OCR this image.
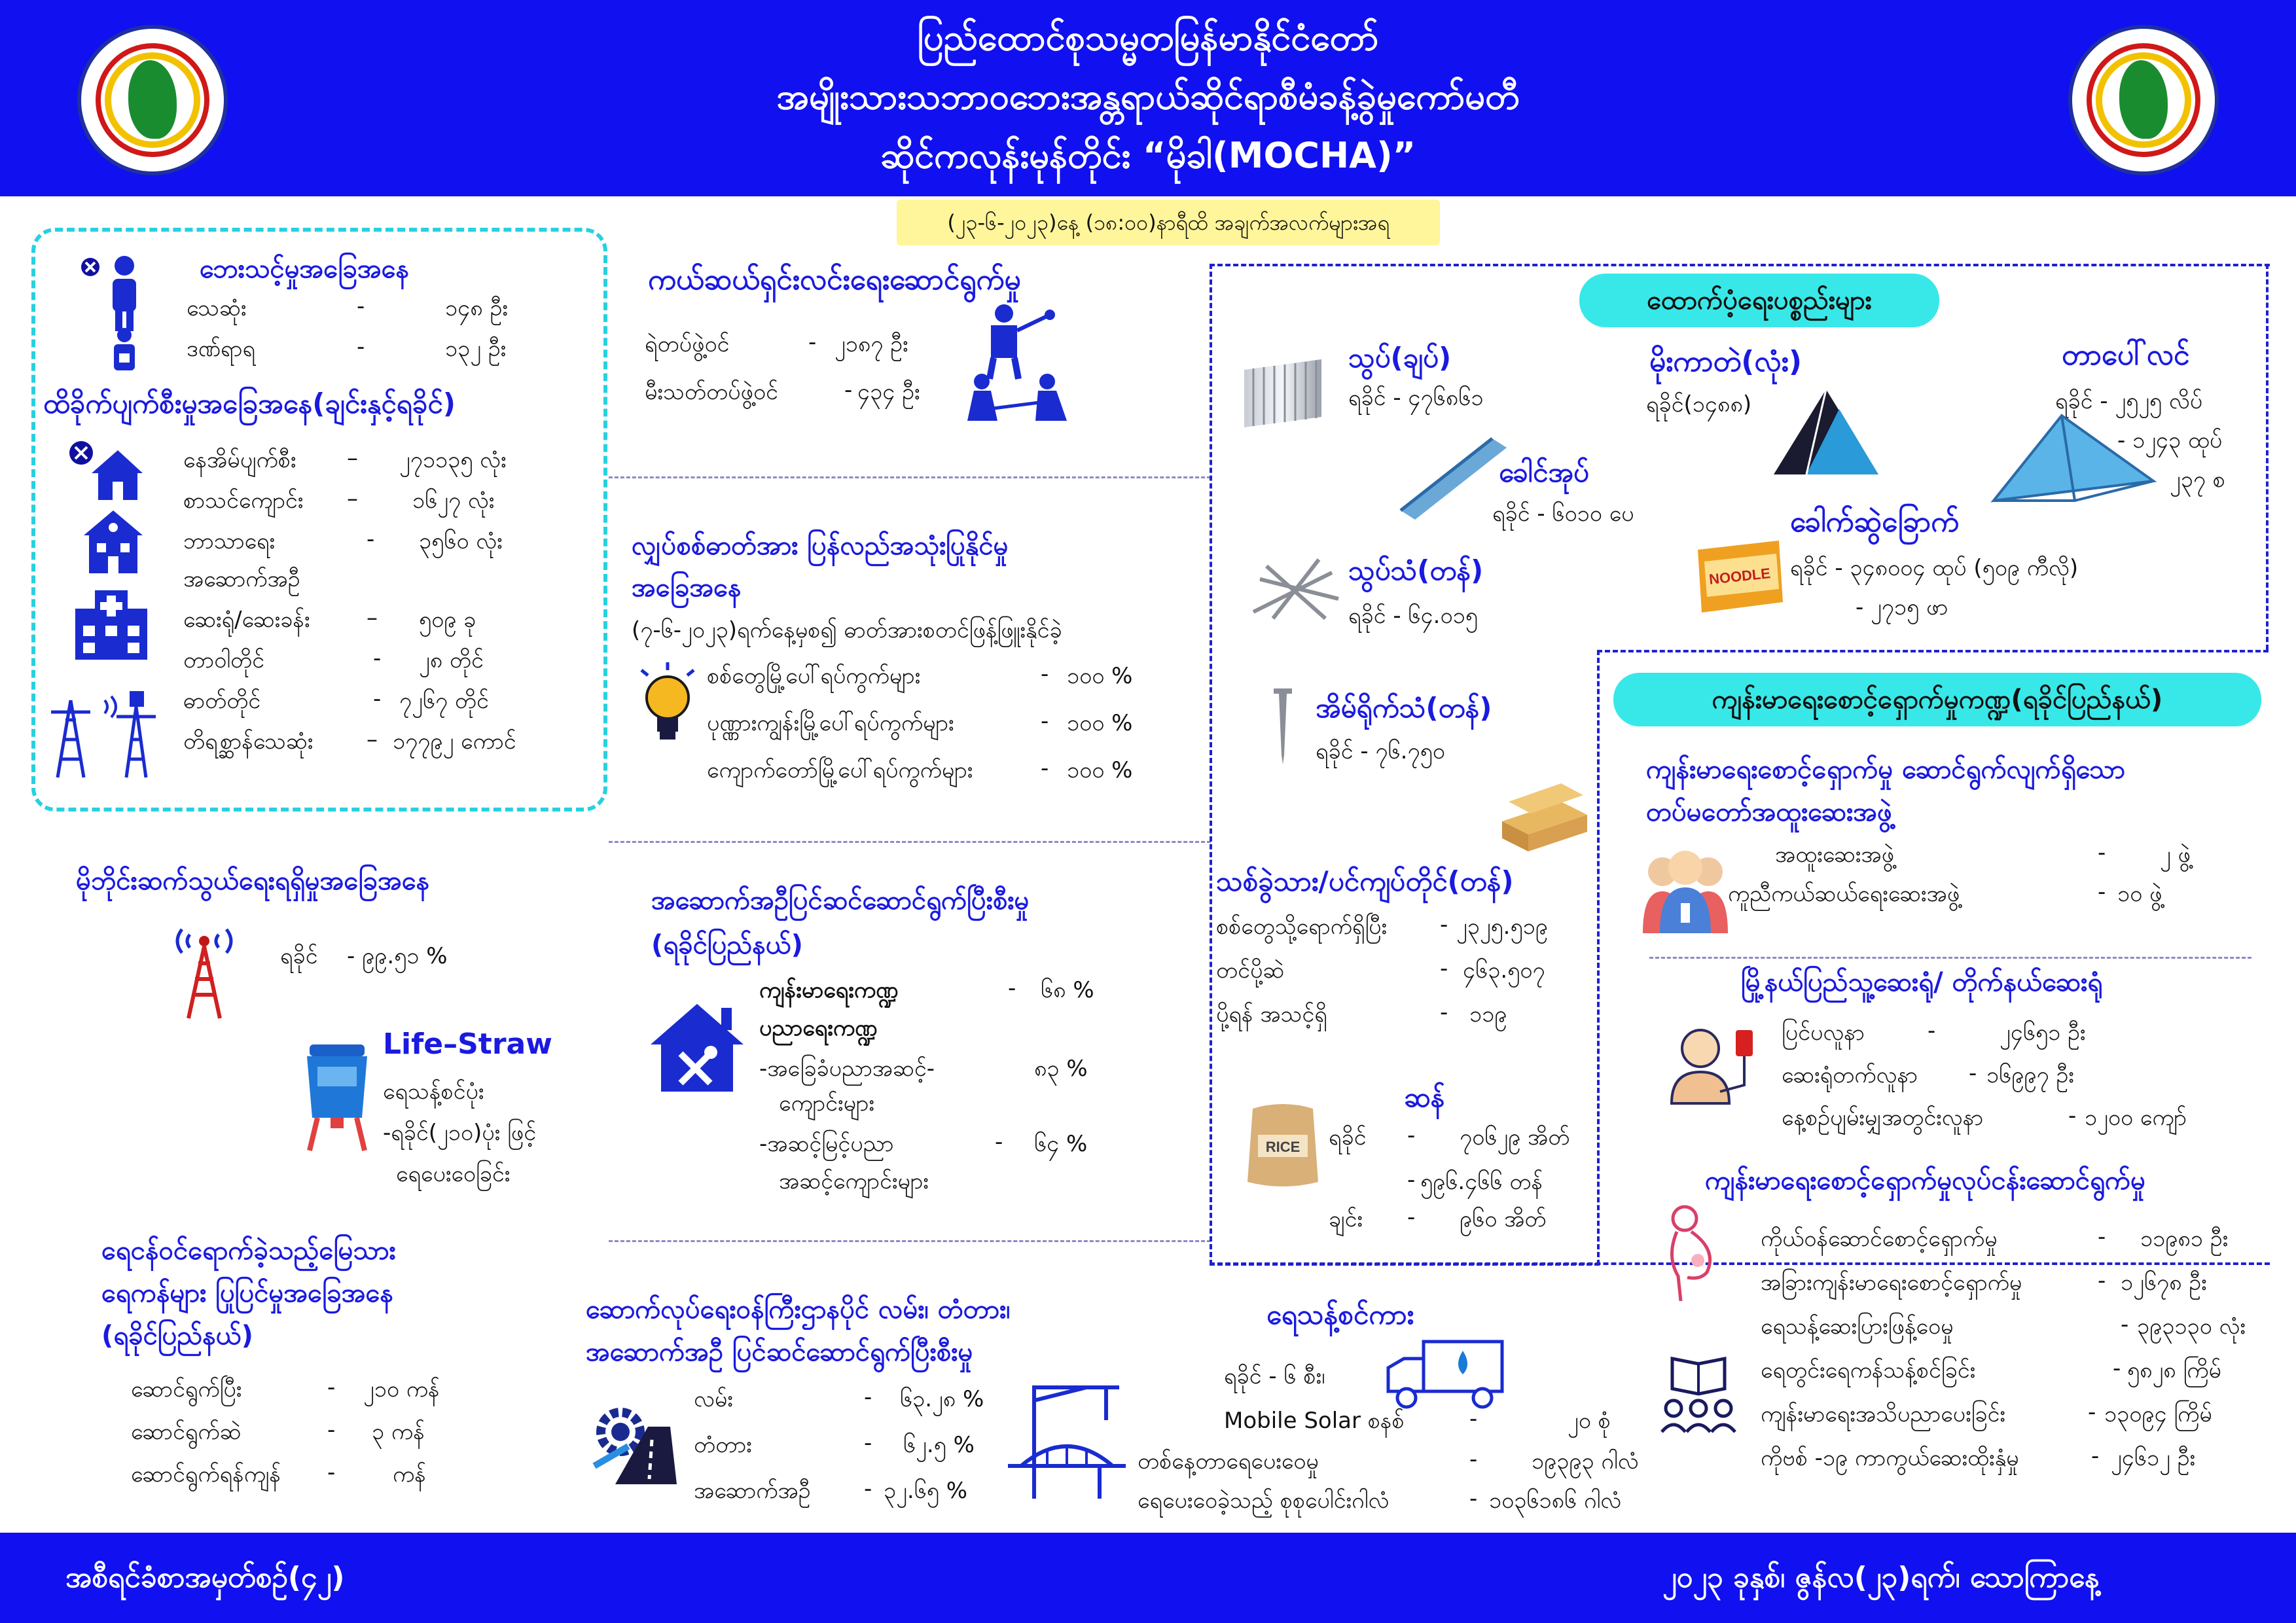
ပြည်ထောင်စုသမ္မတမြန်မာနိုင်ငံတော်
အမျိုးသားသဘာဝဘေးအန္တရာယ်ဆိုင်ရာစီမံခန့်ခွဲမှုကော်မတီ
ဆိုင်ကလုန်းမုန်တိုင်း “မိုခါ(MOCHA)”
(၂၃-၆-၂၀၂၃)နေ့ (၁၈:၀၀)နာရီထိ အချက်အလက်များအရ
ဘေးသင့်မှုအခြေအနေ
သေဆုံး	-	၁၄၈ ဦး
ဒဏ်ရာရ	-	၁၃၂ ဦး
ထိခိုက်ပျက်စီးမှုအခြေအနေ(ချင်းနှင့်ရခိုင်)
နေအိမ်ပျက်စီး – ၂၇၁၁၃၅ လုံး
စာသင်ကျောင်း – ၁၆၂၇ လုံး
ဘာသာရေး	- ၃၅၆၀ လုံး
အဆောက်အဦ
ဆေးရုံ/ဆေးခန်း	– ၅၀၉ ခု
တာဝါတိုင်	- ၂၈ တိုင်
ဓာတ်တိုင်	- ၇၂၆၇ တိုင်
တိရစ္ဆာန်သေဆုံး – ၁၇၇၉၂ ကောင်
မိုဘိုင်းဆက်သွယ်ရေးရရှိမှုအခြေအနေ
ရခိုင် - ၉၉.၅၁ %
Life–Straw
ရေသန့်စင်ပုံး
-ရခိုင်(၂၁၀)ပုံး ဖြင့်
ရေပေးဝေခြင်း
ရေငန်ဝင်ရောက်ခဲ့သည့်မြေသား
ရေကန်များ ပြုပြင်မှုအခြေအနေ
(ရခိုင်ပြည်နယ်)
ဆောင်ရွက်ပြီး	- ၂၁၀ ကန်
ဆောင်ရွက်ဆဲ	- ၃ ကန်
ဆောင်ရွက်ရန်ကျန် -	ကန်
ကယ်ဆယ်ရှင်းလင်းရေးဆောင်ရွက်မှု
ရဲတပ်ဖွဲ့ဝင်	- ၂၁၈၇ ဦး
မီးသတ်တပ်ဖွဲ့ဝင်	- ၄၃၄ ဦး
လျှပ်စစ်ဓာတ်အား ပြန်လည်အသုံးပြုနိုင်မှု
အခြေအနေ
(၇-၆-၂၀၂၃)ရက်နေ့မှစ၍ ဓာတ်အားစတင်ဖြန့်ဖြူးနိုင်ခဲ့
စစ်တွေမြို့ပေါ်ရပ်ကွက်များ	- ၁၀၀ %
ပုဏ္ဏားကျွန်းမြို့ပေါ်ရပ်ကွက်များ	- ၁၀၀ %
ကျောက်တော်မြို့ပေါ်ရပ်ကွက်များ	- ၁၀၀ %
အဆောက်အဦပြင်ဆင်ဆောင်ရွက်ပြီးစီးမှု
(ရခိုင်ပြည်နယ်)
ကျန်းမာရေးကဏ္ဍ	- ၆၈ %
ပညာရေးကဏ္ဍ
-အခြေခံပညာအဆင့်-	၈၃ %
ကျောင်းများ
-အဆင့်မြင့်ပညာ	- ၆၄ %
အဆင့်ကျောင်းများ
ဆောက်လုပ်ရေးဝန်ကြီးဌာနပိုင် လမ်း၊ တံတား၊
အဆောက်အဦ ပြင်ဆင်ဆောင်ရွက်ပြီးစီးမှု
လမ်း	- ၆၃.၂၈ %
တံတား	- ၆၂.၅ %
အဆောက်အဦ - ၃၂.၆၅ %
ထောက်ပံ့ရေးပစ္စည်းများ
သွပ်(ချပ်)
ရခိုင် - ၄၇၆၈၆၁
ခေါင်အုပ်
ရခိုင် - ၆၀၁၀ ပေ
သွပ်သံ(တန်)
ရခိုင် - ၆၄.၀၁၅
အိမ်ရိုက်သံ(တန်)
ရခိုင် - ၇၆.၇၅၀
သစ်ခွဲသား/ပင်ကျပ်တိုင်(တန်)
စစ်တွေသို့ရောက်ရှိပြီး - ၂၃၂၅.၅၁၉
တင်ပို့ဆဲ	- ၄၆၃.၅၀၇
ပို့ရန် အသင့်ရှိ	- ၁၁၉
RICE
ဆန်
ရခိုင် - ၇၀၆၂၉ အိတ်
- ၅၉၆.၄၆၆ တန်
ချင်း - ၉၆၀ အိတ်
မိုးကာတဲ(လုံး)
ရခိုင်(၁၄၈၈)
တာပေါ်လင်
ရခိုင် - ၂၅၂၅ လိပ်
- ၁၂၄၃ ထုပ်
၂၃၇ စ
NOODLE
ခေါက်ဆွဲခြောက်
ရခိုင် - ၃၄၈၀၀၄ ထုပ် (၅၀၉ ကီလို)
- ၂၇၁၅ ဖာ
ကျန်းမာရေးစောင့်ရှောက်မှုကဏ္ဍ(ရခိုင်ပြည်နယ်)
ကျန်းမာရေးစောင့်ရှောက်မှု ဆောင်ရွက်လျက်ရှိသော
တပ်မတော်အထူးဆေးအဖွဲ့
အထူးဆေးအဖွဲ့	- ၂ ဖွဲ့
ကူညီကယ်ဆယ်ရေးဆေးအဖွဲ့	- ၁၀ ဖွဲ့
မြို့နယ်ပြည်သူ့ဆေးရုံ/ တိုက်နယ်ဆေးရုံ
ပြင်ပလူနာ	-	၂၄၆၅၁ ဦး
ဆေးရုံတက်လူနာ - ၁၆၉၉၇ ဦး
နေ့စဉ်ပျမ်းမျှအတွင်းလူနာ	- ၁၂၀၀ ကျော်
ကျန်းမာရေးစောင့်ရှောက်မှုလုပ်ငန်းဆောင်ရွက်မှု
ကိုယ်ဝန်ဆောင်စောင့်ရှောက်မှု	- ၁၁၉၈၁ ဦး
အခြားကျန်းမာရေးစောင့်ရှောက်မှု	- ၁၂၆၇၈ ဦး
ရေသန့်ဆေးပြားဖြန့်ဝေမှု	- ၃၉၃၁၃၀ လုံး
ရေတွင်းရေကန်သန့်စင်ခြင်း	- ၅၈၂၈ ကြိမ်
ကျန်းမာရေးအသိပညာပေးခြင်း	- ၁၃၀၉၄ ကြိမ်
ကိုဗစ် -၁၉ ကာကွယ်ဆေးထိုးနှံမှု	- ၂၄၆၁၂ ဦး
ရေသန့်စင်ကား
ရခိုင် - ၆ စီး၊
Mobile Solar စနစ်	-	၂၀ စုံ
တစ်နေ့တာရေပေးဝေမှု	- ၁၉၃၉၃ ဂါလံ
ရေပေးဝေခဲ့သည့် စုစုပေါင်းဂါလံ	- ၁၀၃၆၁၈၆ ဂါလံ
အစီရင်ခံစာအမှတ်စဉ်(၄၂)	၂၀၂၃ ခုနှစ်၊ ဇွန်လ(၂၃)ရက်၊ သောကြာနေ့
